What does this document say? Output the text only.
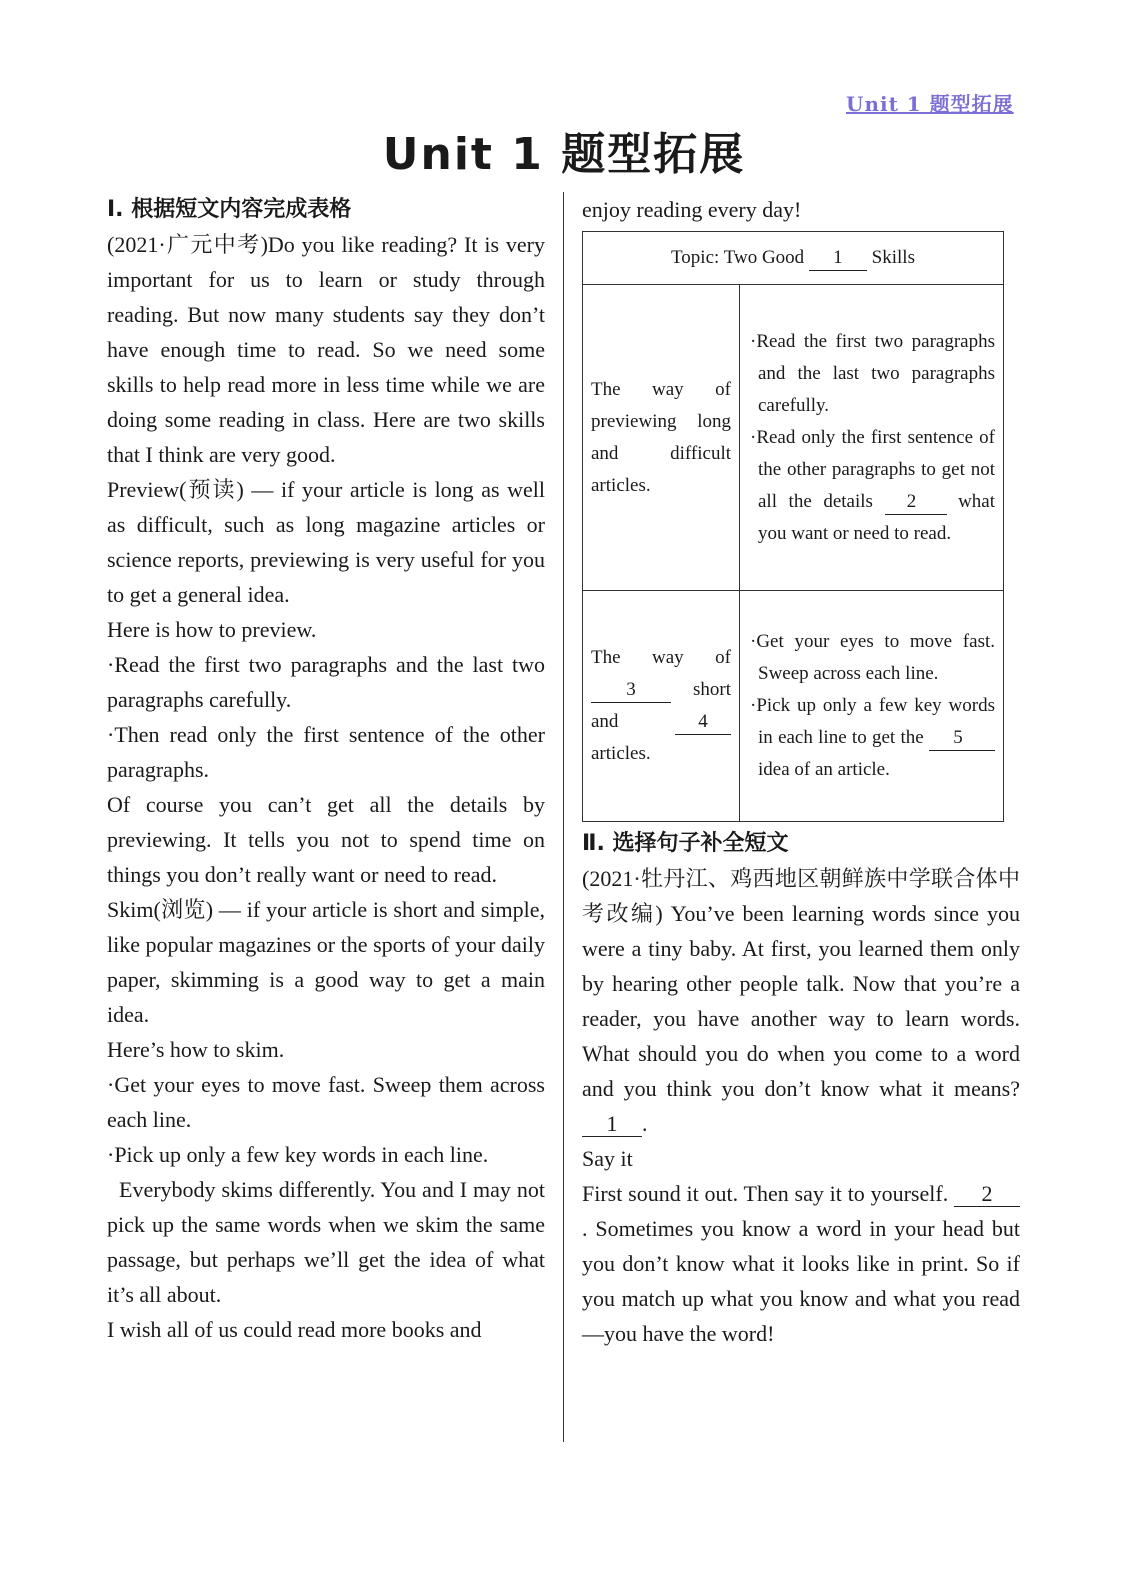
Unit 1 题型拓展
Unit 1 题型拓展
Ⅰ. 根据短文内容完成表格

(2021·广元中考)Do you like reading? It is very important for us to learn or study through reading. But now many students say they don’t have enough time to read. So we need some skills to help read more in less time while we are doing some reading in class. Here are two skills that I think are very good.

Preview(预读) — if your article is long as well as difficult, such as long magazine articles or science reports, previewing is very useful for you to get a general idea.

Here is how to preview.

·Read the first two paragraphs and the last two paragraphs carefully.

·Then read only the first sentence of the other paragraphs.

Of course you can’t get all the details by previewing. It tells you not to spend time on things you don’t really want or need to read.

Skim(浏览) — if your article is short and simple, like popular magazines or the sports of your daily paper, skimming is a good way to get a main idea.

Here’s how to skim.

·Get your eyes to move fast. Sweep them across each line.

·Pick up only a few key words in each line.

Everybody skims differently. You and I may not pick up the same words when we skim the same passage, but perhaps we’ll get the idea of what it’s all about.

I wish all of us could read more books and

enjoy reading every day!

Topic: Two Good 1 Skills	
The way of previewing long and difficult articles.	·Read the first two paragraphs and the last two paragraphs carefully.
·Read only the first sentence of the other paragraphs to get not all the details 2 what you want or need to read.

The way of 3 short and 4 articles.	·Get your eyes to move fast. Sweep across each line.
·Pick up only a few key words in each line to get the 5 idea of an article.
Ⅱ. 选择句子补全短文

(2021·牡丹江、鸡西地区朝鲜族中学联合体中考改编) You’ve been learning words since you were a tiny baby. At first, you learned them only by hearing other people talk. Now that you’re a reader, you have another way to learn words. What should you do when you come to a word and you think you don’t know what it means? 1 .

Say it

First sound it out. Then say it to yourself. 2. Sometimes you know a word in your head but you don’t know what it looks like in print. So if you match up what you know and what you read—you have the word!
